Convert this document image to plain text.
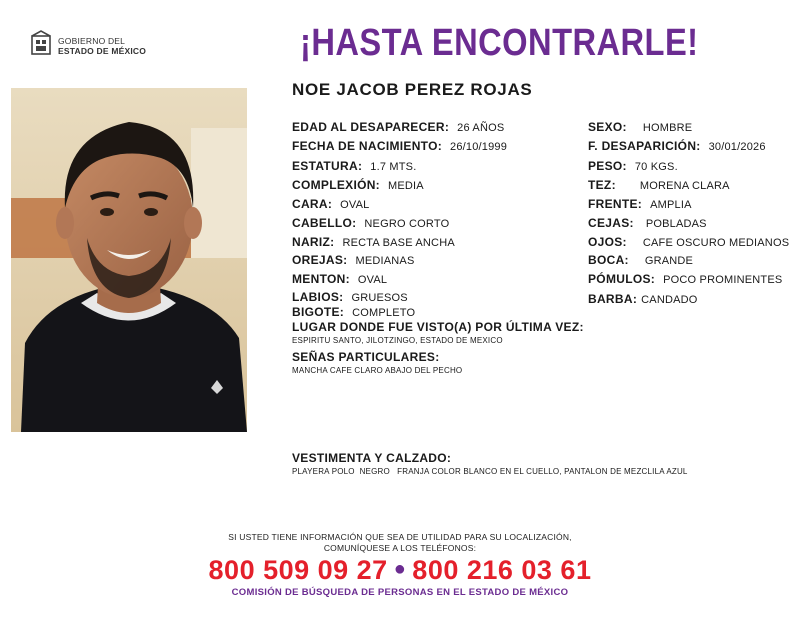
GOBIERNO DEL
ESTADO DE MÉXICO	¡HASTA ENCONTRARLE!
NOE JACOB PEREZ ROJAS
EDAD AL DESAPARECER: 26 AÑOS
FECHA DE NACIMIENTO: 26/10/1999
ESTATURA: 1.7 MTS.
COMPLEXIÓN: MEDIA
CARA: OVAL
CABELLO: NEGRO CORTO
NARIZ: RECTA BASE ANCHA
OREJAS: MEDIANAS
MENTON: OVAL
LABIOS: GRUESOS
BIGOTE: COMPLETO
SEXO: HOMBRE
F. DESAPARICIÓN: 30/01/2026
PESO: 70 KGS.
TEZ: MORENA CLARA
FRENTE: AMPLIA
CEJAS: POBLADAS
OJOS: CAFE OSCURO MEDIANOS
BOCA: GRANDE
PÓMULOS: POCO PROMINENTES
BARBA: CANDADO
LUGAR DONDE FUE VISTO(A) POR ÚLTIMA VEZ:
ESPIRITU SANTO, JILOTZINGO, ESTADO DE MEXICO
SEÑAS PARTICULARES:
MANCHA CAFE CLARO ABAJO DEL PECHO
VESTIMENTA Y CALZADO:
PLAYERA POLO  NEGRO   FRANJA COLOR BLANCO EN EL CUELLO, PANTALON DE MEZCLILA AZUL
SI USTED TIENE INFORMACIÓN QUE SEA DE UTILIDAD PARA SU LOCALIZACIÓN,
COMUNÍQUESE A LOS TELÉFONOS:
800 509 09 27 ● 800 216 03 61
COMISIÓN DE BÚSQUEDA DE PERSONAS EN EL ESTADO DE MÉXICO
